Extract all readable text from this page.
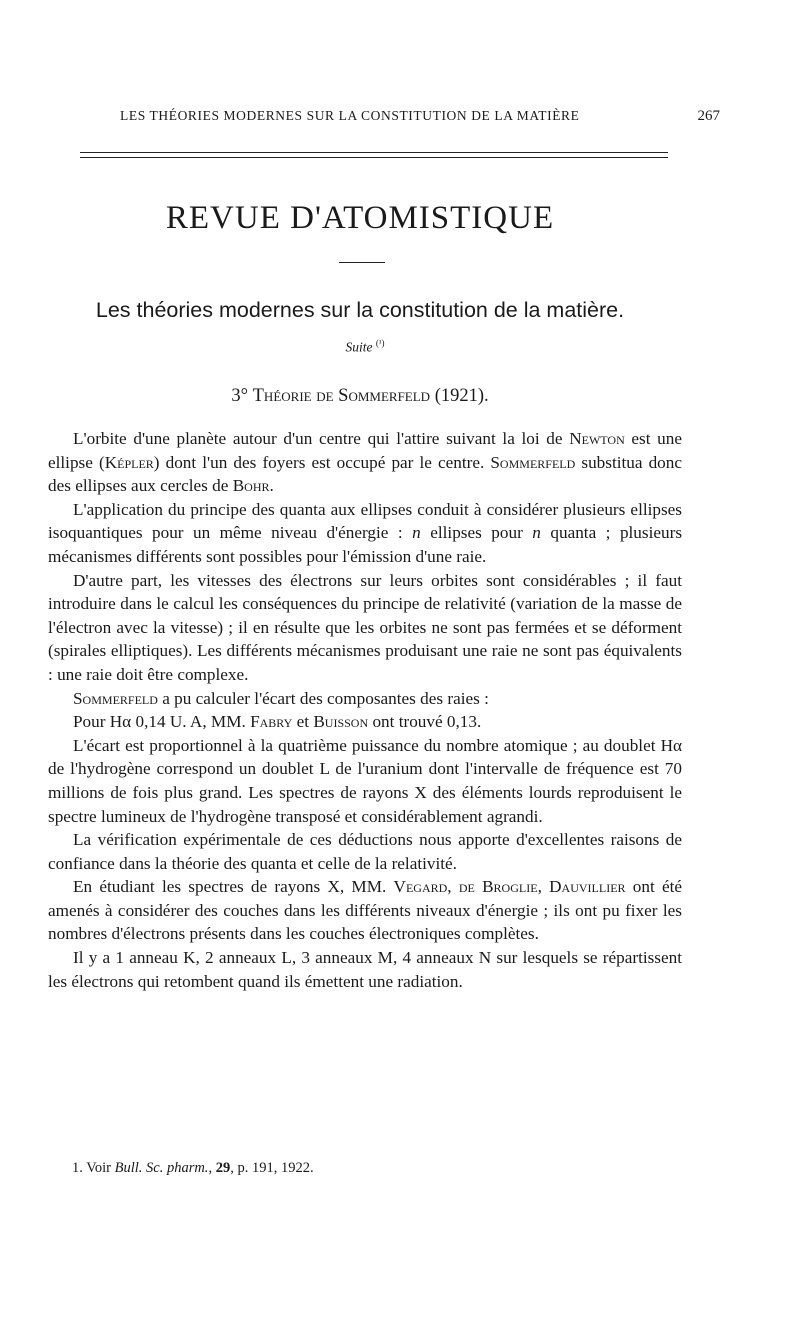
LES THÉORIES MODERNES SUR LA CONSTITUTION DE LA MATIÈRE	267
REVUE D'ATOMISTIQUE
Les théories modernes sur la constitution de la matière.
Suite $^{(^1)}$
3° Théorie de Sommerfeld (1921).

L'orbite d'une planète autour d'un centre qui l'attire suivant la loi de Newton est une ellipse (Képler) dont l'un des foyers est occupé par le centre. Sommerfeld substitua donc des ellipses aux cercles de Bohr.

L'application du principe des quanta aux ellipses conduit à considérer plusieurs ellipses isoquantiques pour un même niveau d'énergie : n ellipses pour n quanta ; plusieurs mécanismes différents sont possibles pour l'émission d'une raie.

D'autre part, les vitesses des électrons sur leurs orbites sont considérables ; il faut introduire dans le calcul les conséquences du principe de relativité (variation de la masse de l'électron avec la vitesse) ; il en résulte que les orbites ne sont pas fermées et se déforment (spirales elliptiques). Les différents mécanismes produisant une raie ne sont pas équivalents : une raie doit être complexe.

Sommerfeld a pu calculer l'écart des composantes des raies :

Pour Hα 0,14 U. A, MM. Fabry et Buisson ont trouvé 0,13.

L'écart est proportionnel à la quatrième puissance du nombre atomique ; au doublet Hα de l'hydrogène correspond un doublet L de l'uranium dont l'intervalle de fréquence est 70 millions de fois plus grand. Les spectres de rayons X des éléments lourds reproduisent le spectre lumineux de l'hydrogène transposé et considérablement agrandi.

La vérification expérimentale de ces déductions nous apporte d'excellentes raisons de confiance dans la théorie des quanta et celle de la relativité.

En étudiant les spectres de rayons X, MM. Vegard, de Broglie, Dauvillier ont été amenés à considérer des couches dans les différents niveaux d'énergie ; ils ont pu fixer les nombres d'électrons présents dans les couches électroniques complètes.

Il y a 1 anneau K, 2 anneaux L, 3 anneaux M, 4 anneaux N sur lesquels se répartissent les électrons qui retombent quand ils émettent une radiation.

1. Voir Bull. Sc. pharm., 29, p. 191, 1922.
